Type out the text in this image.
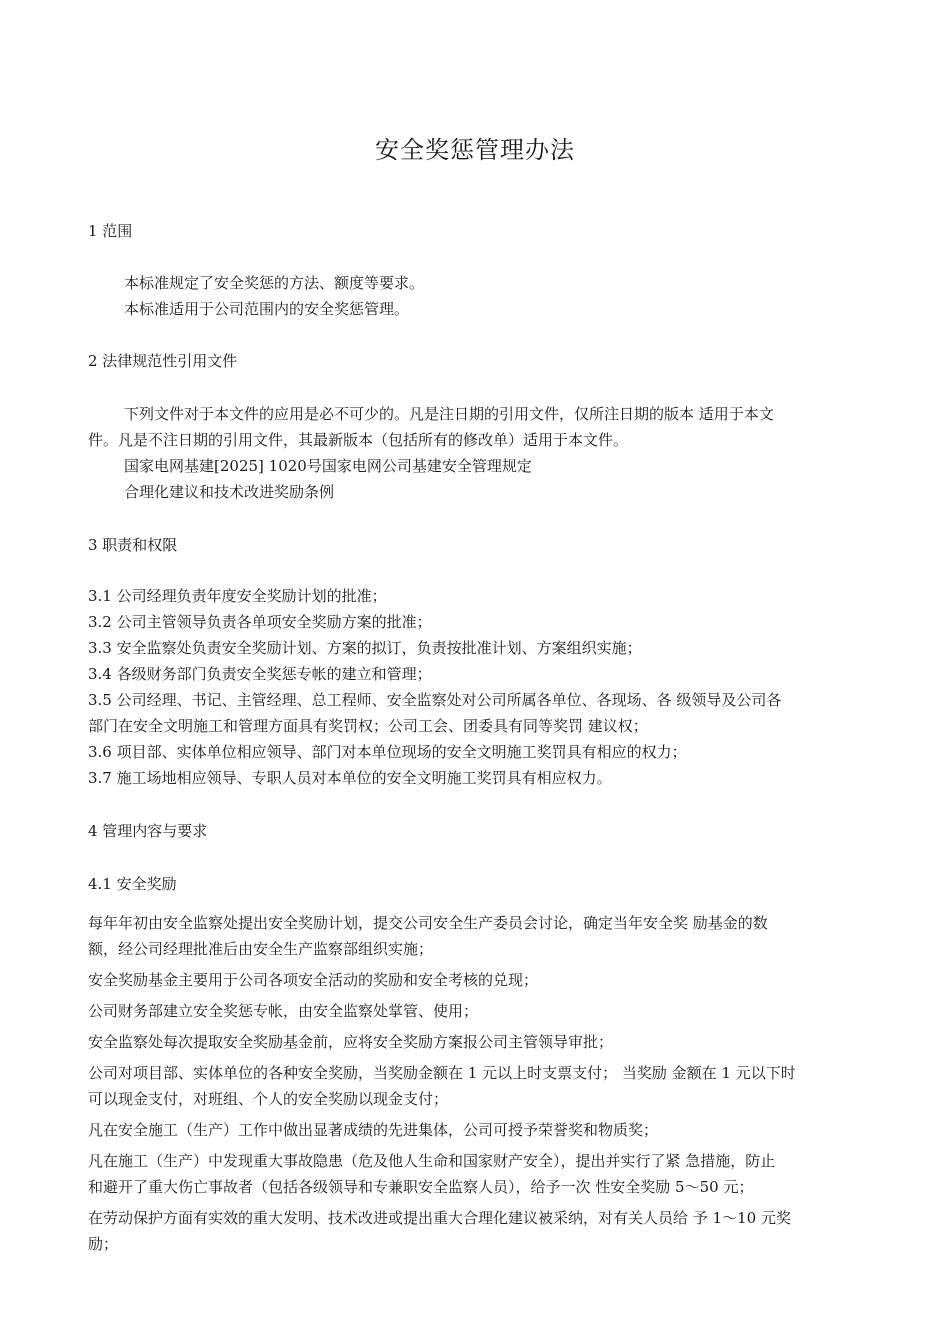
安全奖惩管理办法
1 范围
本标准规定了安全奖惩的方法、额度等要求。
本标准适用于公司范围内的安全奖惩管理。
2 法律规范性引用文件
下列文件对于本文件的应用是必不可少的。凡是注日期的引用文件，仅所注日期的版本 适用于本文
件。凡是不注日期的引用文件，其最新版本（包括所有的修改单）适用于本文件。
国家电网基建[2025] 1020号国家电网公司基建安全管理规定
合理化建议和技术改进奖励条例
3 职责和权限
3.1 公司经理负责年度安全奖励计划的批准；
3.2 公司主管领导负责各单项安全奖励方案的批准；
3.3 安全监察处负责安全奖励计划、方案的拟订，负责按批准计划、方案组织实施；
3.4 各级财务部门负责安全奖惩专帐的建立和管理；
3.5 公司经理、书记、主管经理、总工程师、安全监察处对公司所属各单位、各现场、各 级领导及公司各
部门在安全文明施工和管理方面具有奖罚权；公司工会、团委具有同等奖罚 建议权；
3.6 项目部、实体单位相应领导、部门对本单位现场的安全文明施工奖罚具有相应的权力；
3.7 施工场地相应领导、专职人员对本单位的安全文明施工奖罚具有相应权力。
4 管理内容与要求
4.1 安全奖励
每年年初由安全监察处提出安全奖励计划，提交公司安全生产委员会讨论，确定当年安全奖 励基金的数
额，经公司经理批准后由安全生产监察部组织实施；
安全奖励基金主要用于公司各项安全活动的奖励和安全考核的兑现；
公司财务部建立安全奖惩专帐，由安全监察处掌管、使用；
安全监察处每次提取安全奖励基金前，应将安全奖励方案报公司主管领导审批；
公司对项目部、实体单位的各种安全奖励，当奖励金额在 1 元以上时支票支付； 当奖励 金额在 1 元以下时
可以现金支付，对班组、个人的安全奖励以现金支付；
凡在安全施工（生产）工作中做出显著成绩的先进集体，公司可授予荣誉奖和物质奖；
凡在施工（生产）中发现重大事故隐患（危及他人生命和国家财产安全），提出并实行了紧 急措施，防止
和避开了重大伤亡事故者（包括各级领导和专兼职安全监察人员），给予一次 性安全奖励 5〜50 元；
在劳动保护方面有实效的重大发明、技术改进或提出重大合理化建议被采纳，对有关人员给 予 1〜10 元奖
励；
